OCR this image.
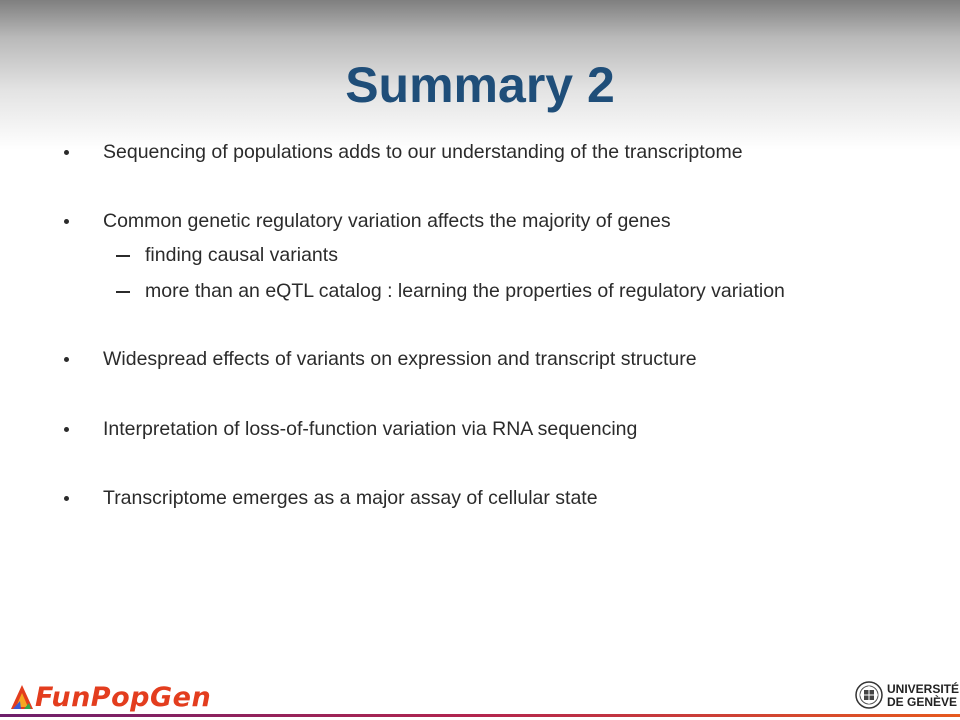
Summary 2
Sequencing of populations adds to our understanding of the transcriptome
Common genetic regulatory variation affects the majority of genes
finding causal variants
more than an eQTL catalog : learning the properties of regulatory variation
Widespread effects of variants on expression and transcript structure
Interpretation of loss-of-function variation via RNA sequencing
Transcriptome emerges as a major assay of cellular state
FunPopGen	UNIVERSITÉ
DE GENÈVE
